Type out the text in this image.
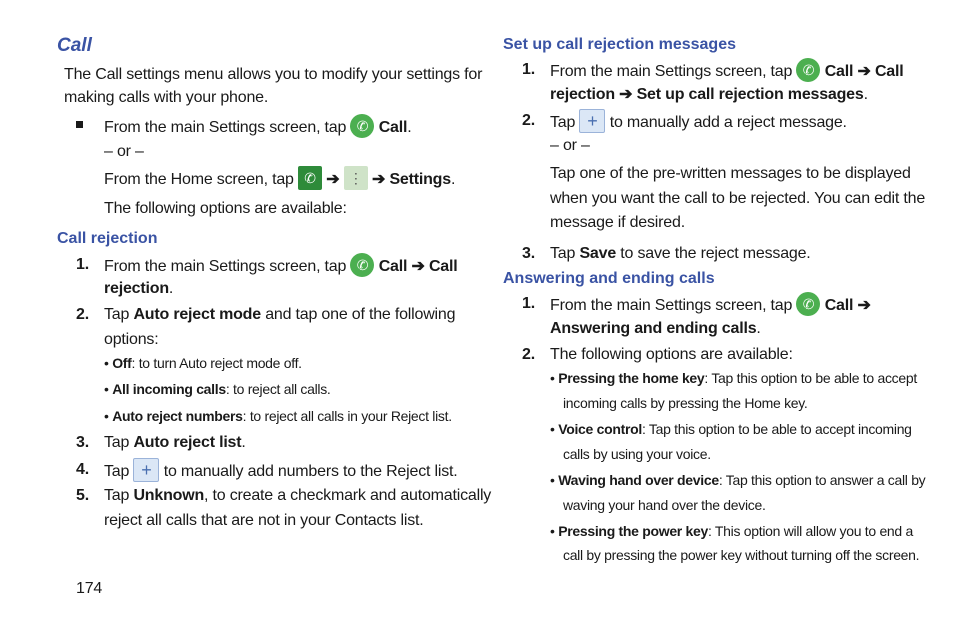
Call
The Call settings menu allows you to modify your settings for
making calls with your phone.
From the main Settings screen, tap ✆ Call.
– or –
From the Home screen, tap ✆ ➔ ⋮ ➔ Settings.
The following options are available:
Call rejection
1. From the main Settings screen, tap ✆ Call ➔ Call
rejection.
2. Tap Auto reject mode and tap one of the following
options:
• Off: to turn Auto reject mode off.
• All incoming calls: to reject all calls.
• Auto reject numbers: to reject all calls in your Reject list.
3. Tap Auto reject list.
4. Tap + to manually add numbers to the Reject list.
5. Tap Unknown, to create a checkmark and automatically
reject all calls that are not in your Contacts list.
174
Set up call rejection messages
1. From the main Settings screen, tap ✆ Call ➔ Call
rejection ➔ Set up call rejection messages.
2. Tap + to manually add a reject message.
– or –
Tap one of the pre-written messages to be displayed
when you want the call to be rejected. You can edit the
message if desired.
3. Tap Save to save the reject message.
Answering and ending calls
1. From the main Settings screen, tap ✆ Call ➔
Answering and ending calls.
2. The following options are available:
• Pressing the home key: Tap this option to be able to accept
incoming calls by pressing the Home key.
• Voice control: Tap this option to be able to accept incoming
calls by using your voice.
• Waving hand over device: Tap this option to answer a call by
waving your hand over the device.
• Pressing the power key: This option will allow you to end a
call by pressing the power key without turning off the screen.
